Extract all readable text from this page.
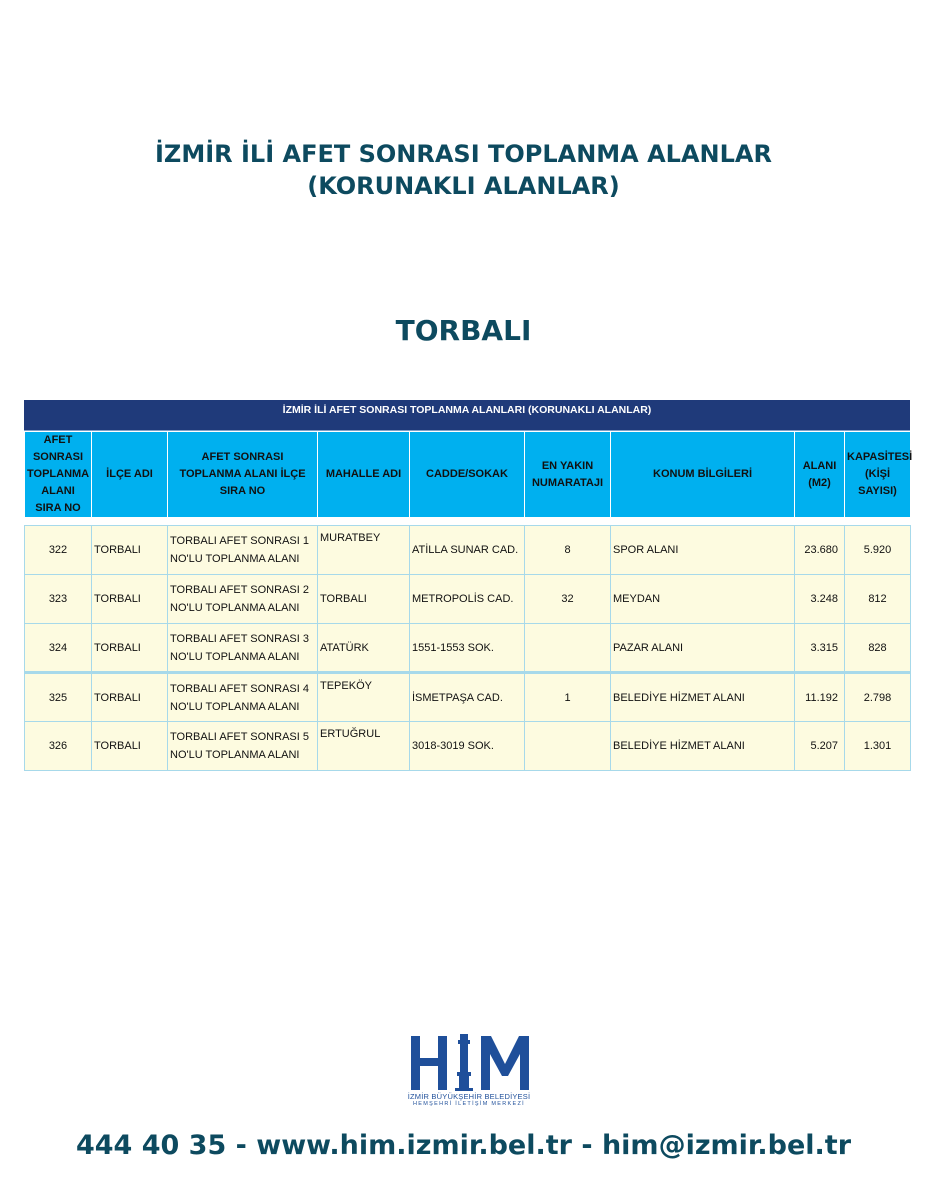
İZMİR İLİ AFET SONRASI TOPLANMA ALANLAR
(KORUNAKLI ALANLAR)
TORBALI
İZMİR İLİ AFET SONRASI TOPLANMA ALANLARI (KORUNAKLI ALANLAR)
AFET SONRASI TOPLANMA ALANI SIRA NO	İLÇE ADI	AFET SONRASI TOPLANMA ALANI İLÇE SIRA NO	MAHALLE ADI	CADDE/SOKAK	EN YAKIN NUMARATAJI	KONUM BİLGİLERİ	ALANI (M2)	KAPASİTESİ (KİŞİ SAYISI)

322	TORBALI	TORBALI AFET SONRASI 1 NO'LU TOPLANMA ALANI	MURATBEY	ATİLLA SUNAR CAD.	8	SPOR ALANI	23.680	5.920
323	TORBALI	TORBALI AFET SONRASI 2 NO'LU TOPLANMA ALANI	TORBALI	METROPOLİS CAD.	32	MEYDAN	3.248	812
324	TORBALI	TORBALI AFET SONRASI 3 NO'LU TOPLANMA ALANI	ATATÜRK	1551-1553 SOK.		PAZAR ALANI	3.315	828
325	TORBALI	TORBALI AFET SONRASI 4 NO'LU TOPLANMA ALANI	TEPEKÖY	İSMETPAŞA CAD.	1	BELEDİYE HİZMET ALANI	11.192	2.798
326	TORBALI	TORBALI AFET SONRASI 5 NO'LU TOPLANMA ALANI	ERTUĞRUL	3018-3019 SOK.		BELEDİYE HİZMET ALANI	5.207	1.301
İZMİR BÜYÜKŞEHİR BELEDİYESİ
HEMŞEHRİ İLETİŞİM MERKEZİ
444 40 35 - www.him.izmir.bel.tr - him@izmir.bel.tr
